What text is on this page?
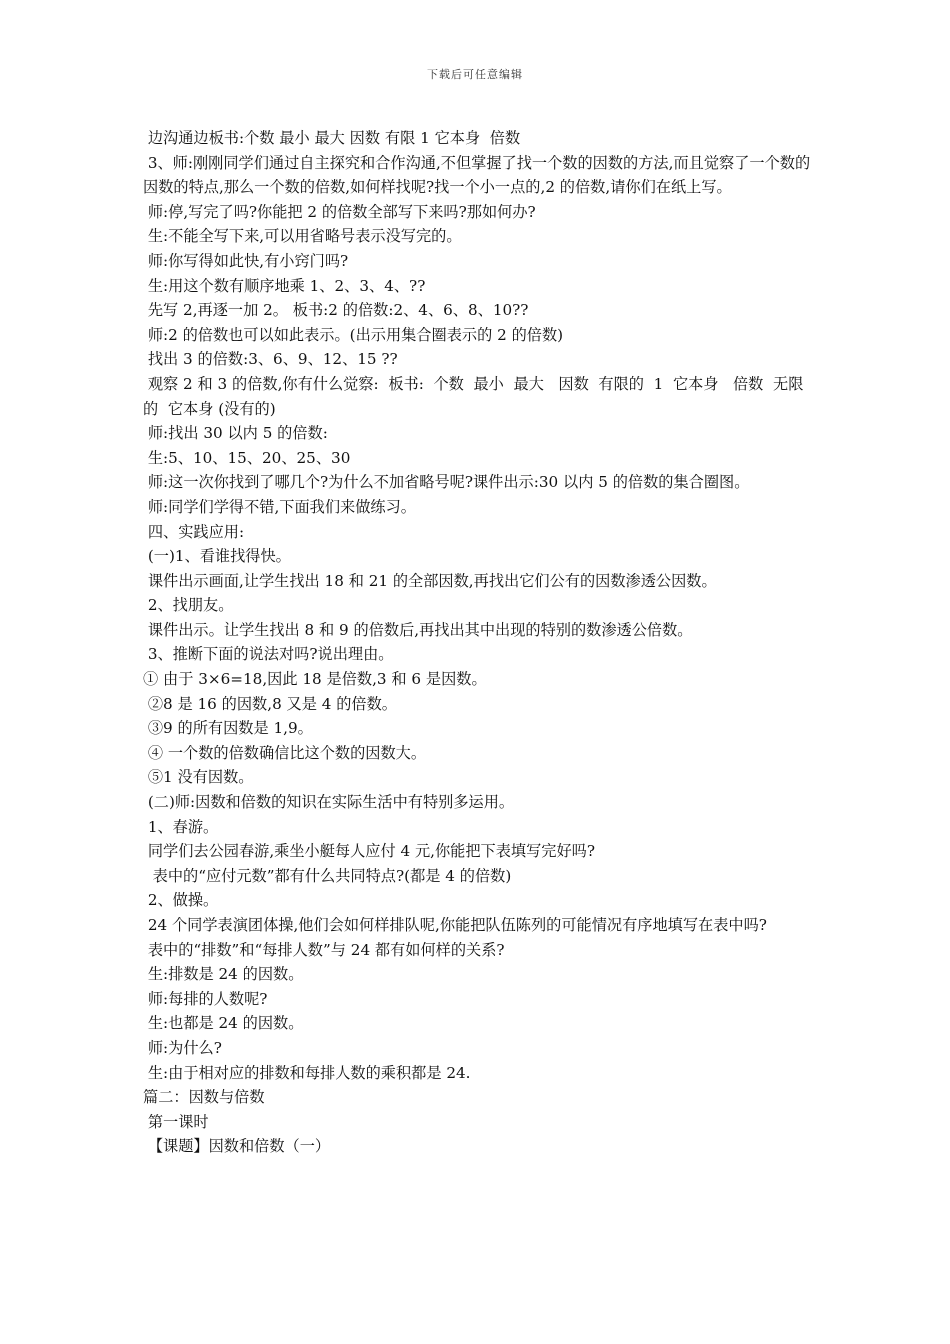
下载后可任意编辑
边沟通边板书:个数 最小 最大 因数 有限 1 它本身  倍数
3、师:刚刚同学们通过自主探究和合作沟通,不但掌握了找一个数的因数的方法,而且觉察了一个数的因数的特点,那么一个数的倍数,如何样找呢?找一个小一点的,2 的倍数,请你们在纸上写。
师:停,写完了吗?你能把 2 的倍数全部写下来吗?那如何办?
生:不能全写下来,可以用省略号表示没写完的。
师:你写得如此快,有小窍门吗?
生:用这个数有顺序地乘 1、2、3、4、??
先写 2,再逐一加 2。 板书:2 的倍数:2、4、6、8、10??
师:2 的倍数也可以如此表示。(出示用集合圈表示的 2 的倍数)
找出 3 的倍数:3、6、9、12、15 ??
观察 2 和 3 的倍数,你有什么觉察:  板书:  个数  最小  最大   因数  有限的  1  它本身   倍数  无限的  它本身 (没有的)
师:找出 30 以内 5 的倍数:
生:5、10、15、20、25、30
师:这一次你找到了哪几个?为什么不加省略号呢?课件出示:30 以内 5 的倍数的集合圈图。
师:同学们学得不错,下面我们来做练习。
四、实践应用:
(一)1、看谁找得快。
课件出示画面,让学生找出 18 和 21 的全部因数,再找出它们公有的因数渗透公因数。
2、找朋友。
课件出示。让学生找出 8 和 9 的倍数后,再找出其中出现的特别的数渗透公倍数。
3、推断下面的说法对吗?说出理由。
① 由于 3×6=18,因此 18 是倍数,3 和 6 是因数。
②8 是 16 的因数,8 又是 4 的倍数。
③9 的所有因数是 1,9。
④ 一个数的倍数确信比这个数的因数大。
⑤1 没有因数。
(二)师:因数和倍数的知识在实际生活中有特别多运用。
1、春游。
同学们去公园春游,乘坐小艇每人应付 4 元,你能把下表填写完好吗?
表中的“应付元数”都有什么共同特点?(都是 4 的倍数)
2、做操。
24 个同学表演团体操,他们会如何样排队呢,你能把队伍陈列的可能情况有序地填写在表中吗?
表中的“排数”和“每排人数”与 24 都有如何样的关系?
生:排数是 24 的因数。
师:每排的人数呢?
生:也都是 24 的因数。
师:为什么?
生:由于相对应的排数和每排人数的乘积都是 24.
篇二：因数与倍数
第一课时
【课题】因数和倍数（一）
